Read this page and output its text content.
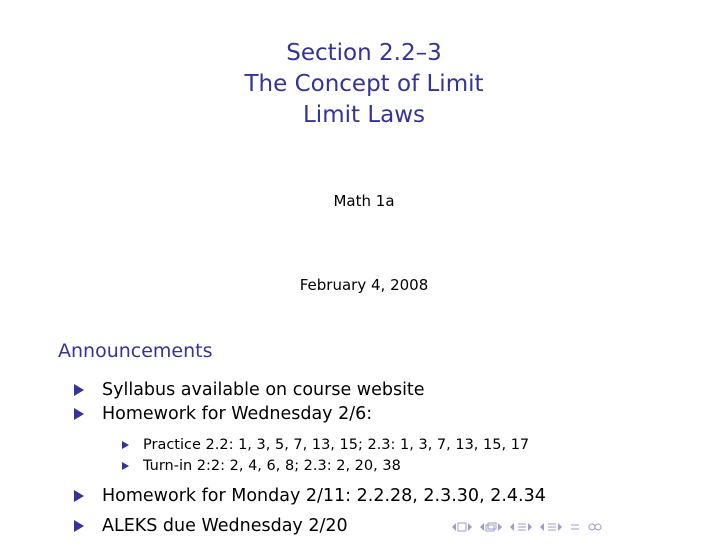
Section 2.2–3
The Concept of Limit
Limit Laws
Math 1a
February 4, 2008
Announcements
Syllabus available on course website
Homework for Wednesday 2/6:
Practice 2.2: 1, 3, 5, 7, 13, 15; 2.3: 1, 3, 7, 13, 15, 17
Turn-in 2:2: 2, 4, 6, 8; 2.3: 2, 20, 38
Homework for Monday 2/11: 2.2.28, 2.3.30, 2.4.34
ALEKS due Wednesday 2/20
